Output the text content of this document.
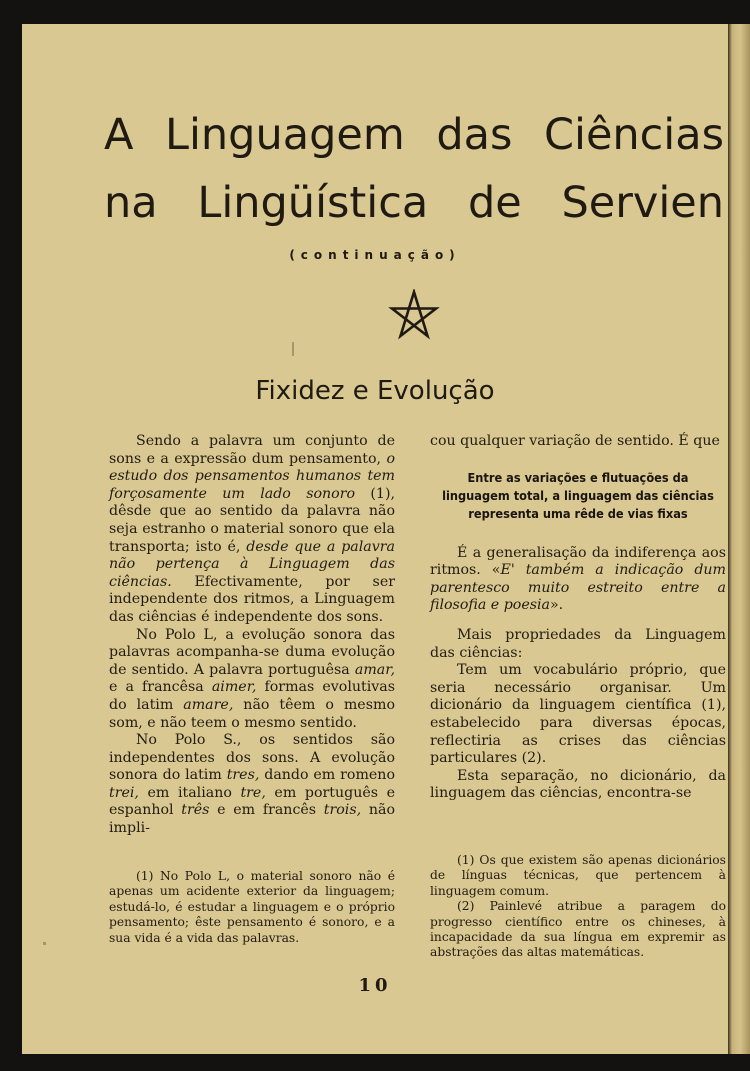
A Linguagem das Ciências
na Lingüística de Servien
(continuação)
Fixidez e Evolução

Sendo a palavra um conjunto de sons e a expressão dum pensamento, o estudo dos pensamentos humanos tem forçosamente um lado sonoro (1), dêsde que ao sentido da palavra não seja estranho o material sonoro que ela transporta; isto é, desde que a palavra não pertença à Linguagem das ciências. Efectivamente, por ser independente dos ritmos, a Linguagem das ciências é independente dos sons.

No Polo L, a evolução sonora das palavras acompanha-se duma evolução de sentido. A palavra portuguêsa amar, e a francêsa aimer, formas evolutivas do latim amare, não têem o mesmo som, e não teem o mesmo sentido.

No Polo S., os sentidos são independentes dos sons. A evolução sonora do latim tres, dando em romeno trei, em italiano tre, em português e espanhol três e em francês trois, não impli-

cou qualquer variação de sentido. É que

Entre as variações e flutuações da linguagem total, a linguagem das ciências representa uma rêde de vias fixas

É a generalisação da indiferença aos ritmos. «E' também a indicação dum parentesco muito estreito entre a filosofia e poesia».

Mais propriedades da Linguagem das ciências:

Tem um vocabulário próprio, que seria necessário organisar. Um dicionário da linguagem científica (1), estabelecido para diversas épocas, reflectiria as crises das ciências particulares (2).

Esta separação, no dicionário, da linguagem das ciências, encontra-se

(1) No Polo L, o material sonoro não é apenas um acidente exterior da linguagem; estudá-lo, é estudar a linguagem e o próprio pensamento; êste pensamento é sonoro, e a sua vida é a vida das palavras.

(1) Os que existem são apenas dicionários de línguas técnicas, que pertencem à linguagem comum.

(2) Painlevé atribue a paragem do progresso científico entre os chineses, à incapacidade da sua língua em expremir as abstrações das altas matemáticas.

10
